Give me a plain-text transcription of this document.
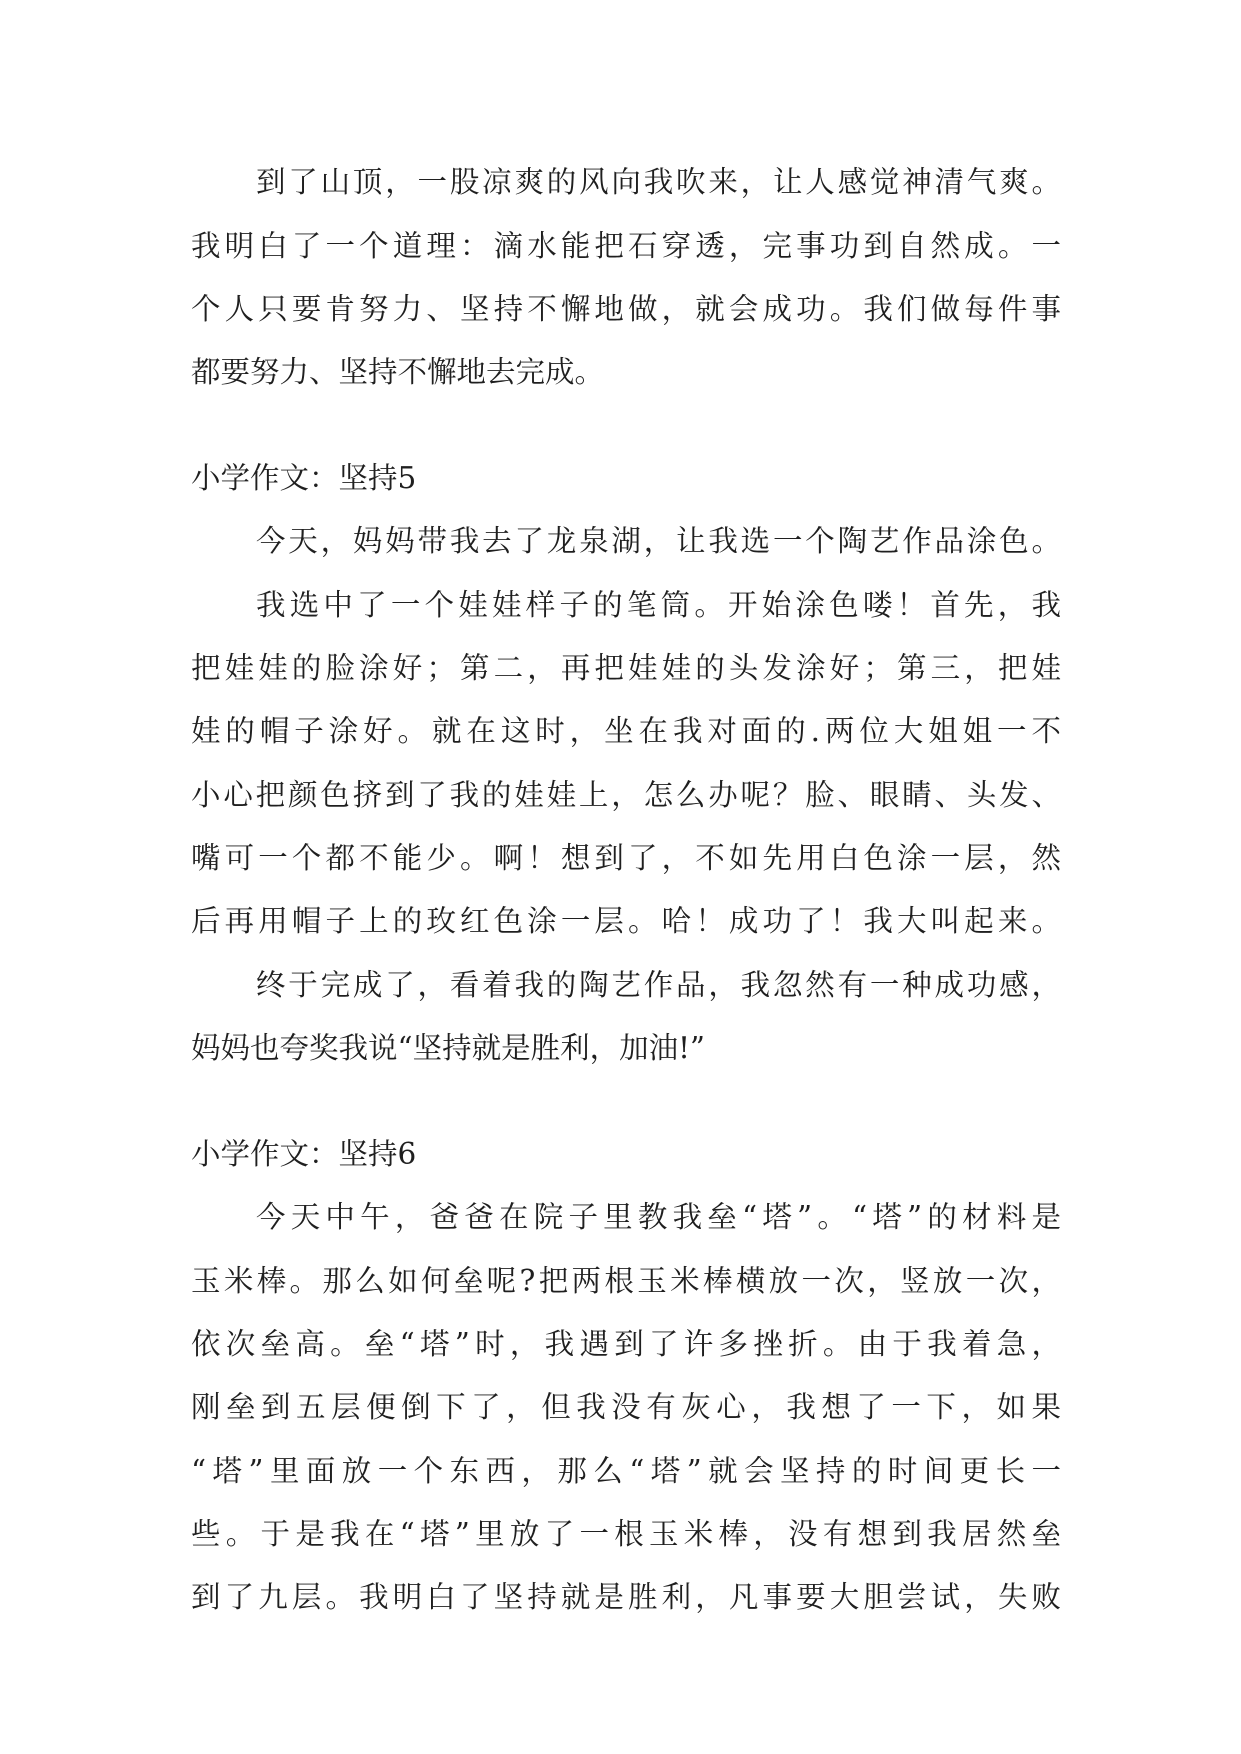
到了山顶，一股凉爽的风向我吹来，让人感觉神清气爽。
我明白了一个道理：滴水能把石穿透，完事功到自然成。一
个人只要肯努力、坚持不懈地做，就会成功。我们做每件事
都要努力、坚持不懈地去完成。
小学作文：坚持5
今天，妈妈带我去了龙泉湖，让我选一个陶艺作品涂色。
我选中了一个娃娃样子的笔筒。开始涂色喽！首先，我
把娃娃的脸涂好；第二，再把娃娃的头发涂好；第三，把娃
娃的帽子涂好。就在这时，坐在我对面的.两位大姐姐一不
小心把颜色挤到了我的娃娃上，怎么办呢？脸、眼睛、头发、
嘴可一个都不能少。啊！想到了，不如先用白色涂一层，然
后再用帽子上的玫红色涂一层。哈！成功了！我大叫起来。
终于完成了，看着我的陶艺作品，我忽然有一种成功感，
妈妈也夸奖我说“坚持就是胜利，加油!”
小学作文：坚持6
今天中午，爸爸在院子里教我垒“塔”。“塔”的材料是
玉米棒。那么如何垒呢?把两根玉米棒横放一次，竖放一次，
依次垒高。垒“塔”时，我遇到了许多挫折。由于我着急，
刚垒到五层便倒下了，但我没有灰心，我想了一下，如果
“塔”里面放一个东西，那么“塔”就会坚持的时间更长一
些。于是我在“塔”里放了一根玉米棒，没有想到我居然垒
到了九层。我明白了坚持就是胜利，凡事要大胆尝试，失败
